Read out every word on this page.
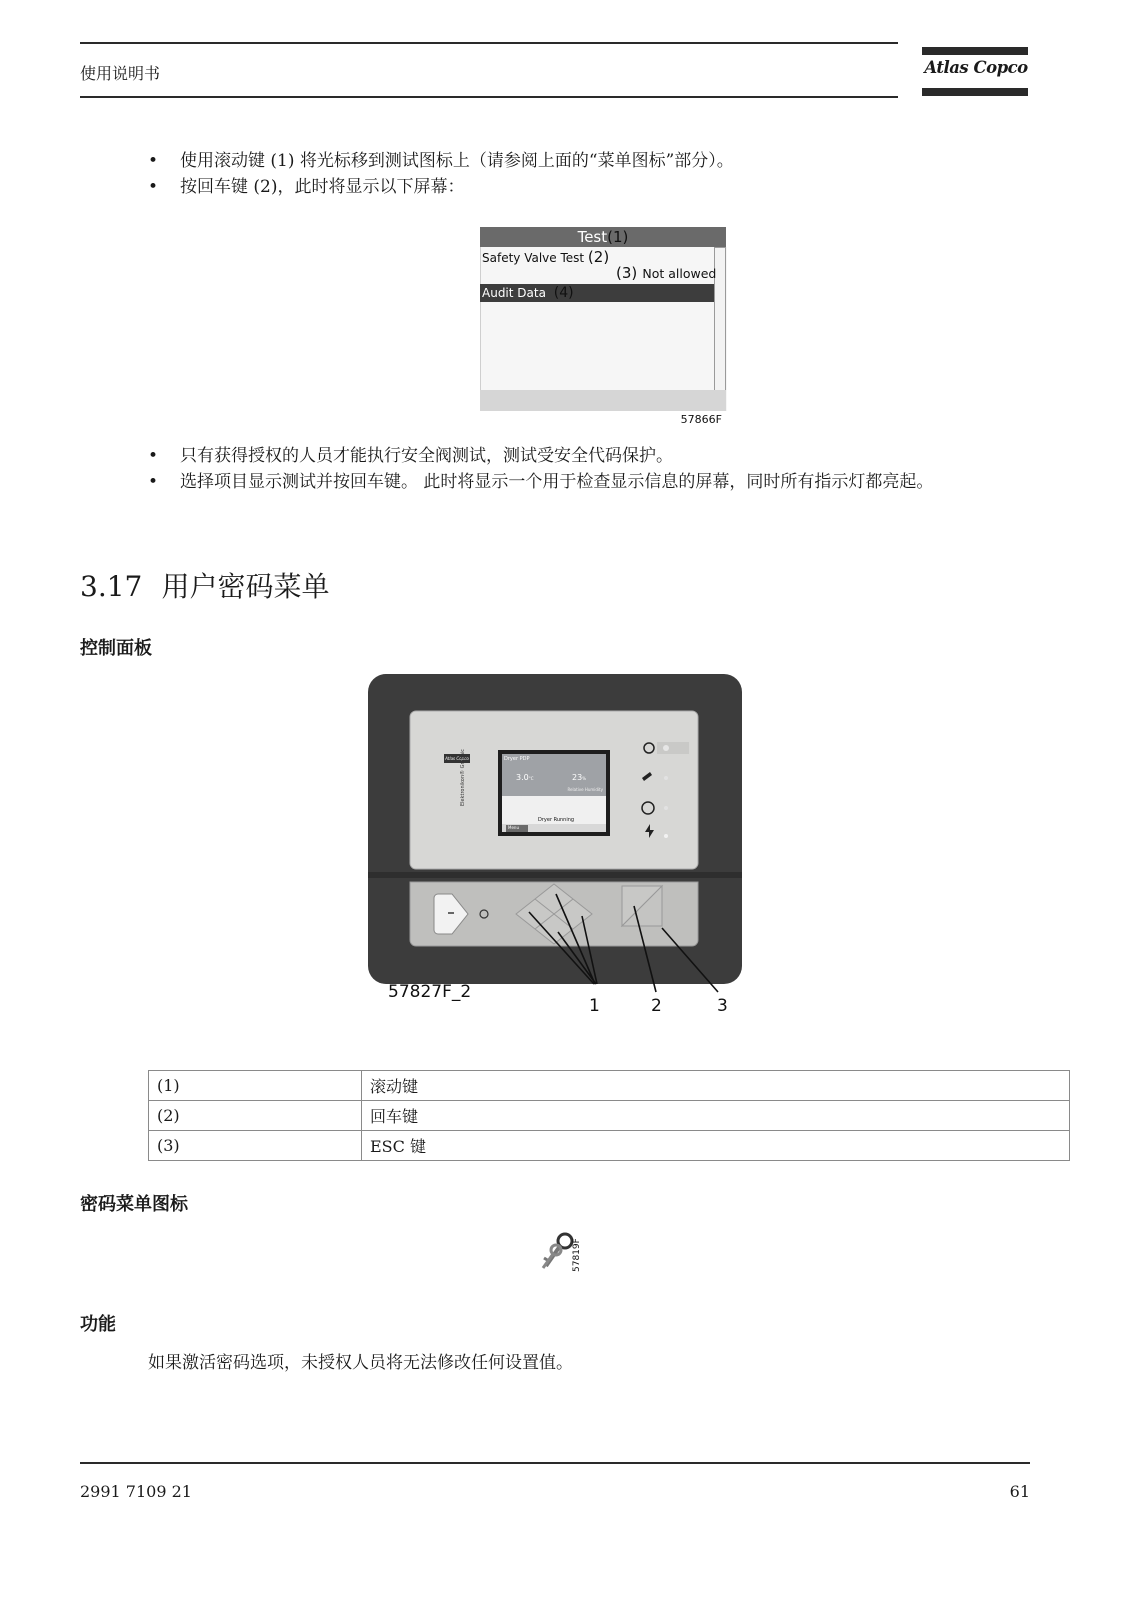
使用说明书	Atlas Copco
• 使用滚动键 (1) 将光标移到测试图标上（请参阅上面的“菜单图标”部分）。
• 按回车键 (2)，此时将显示以下屏幕：
Test(1)
Safety Valve Test (2)
(3) Not allowed
Audit Data (4)
57866F
• 只有获得授权的人员才能执行安全阀测试，测试受安全代码保护。
• 选择项目显示测试并按回车键。 此时将显示一个用于检查显示信息的屏幕，同时所有指示灯都亮起。
3.17 用户密码菜单
控制面板
Atlas Copco
Elektronikon® Graphic	Dryer PDP
3.0°C	23%
Relative Humidity
Dryer Running
Menu
57827F_2
1	2	3
(1)	滚动键
(2)	回车键
(3)	ESC 键
密码菜单图标
57819F
功能
如果激活密码选项，未授权人员将无法修改任何设置值。
2991 7109 21	61
